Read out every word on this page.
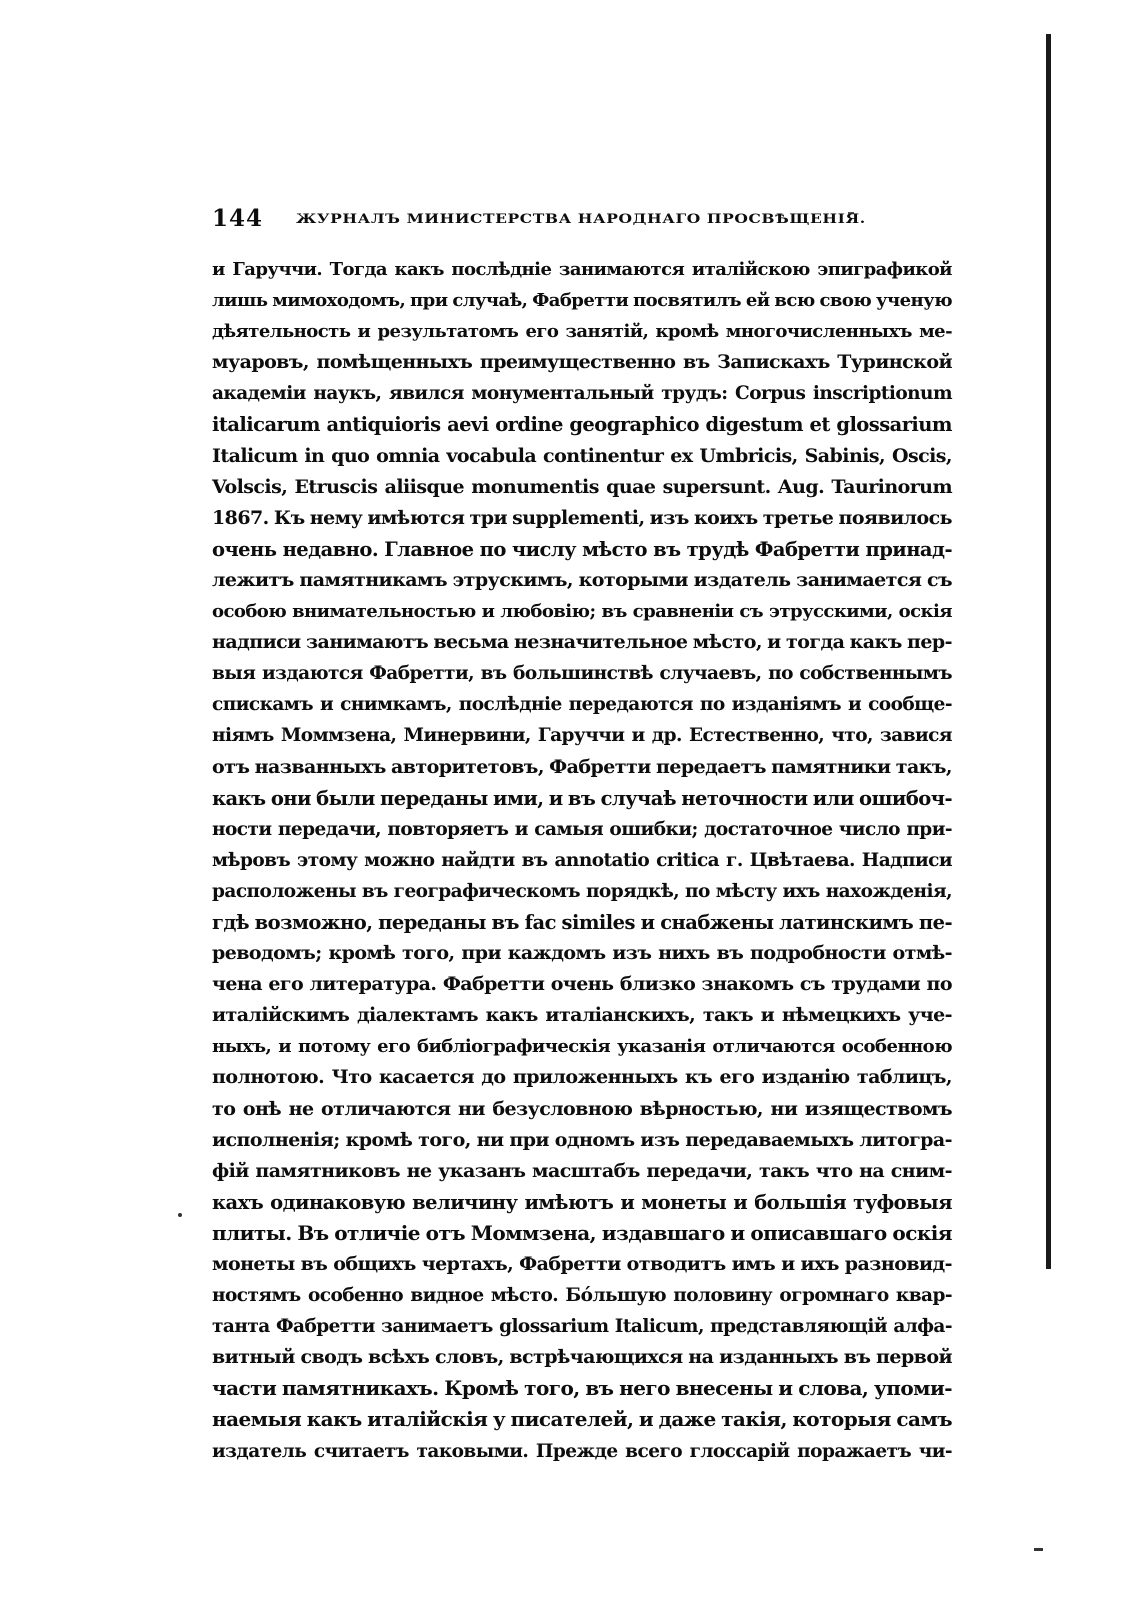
144 ЖУРНАЛЪ МИНИСТЕРСТВА НАРОДНАГО ПРОСВѢЩЕНІЯ.
и Гаруччи. Тогда какъ послѣдніе занимаются италійскою эпиграфикой
лишь мимоходомъ, при случаѣ, Фабретти посвятилъ ей всю свою ученую
дѣятельность и результатомъ его занятій, кромѣ многочисленныхъ ме-
муаровъ, помѣщенныхъ преимущественно въ Запискахъ Туринской
академіи наукъ, явился монументальный трудъ: Corpus inscriptionum
italicarum antiquioris aevi ordine geographico digestum et glossarium
Italicum in quo omnia vocabula continentur ex Umbricis, Sabinis, Oscis,
Volscis, Etruscis aliisque monumentis quae supersunt. Aug. Taurinorum
1867. Къ нему имѣются три supplementi, изъ коихъ третье появилось
очень недавно. Главное по числу мѣсто въ трудѣ Фабретти принад-
лежитъ памятникамъ этрускимъ, которыми издатель занимается съ
особою внимательностью и любовію; въ сравненіи съ этрусскими, оскія
надписи занимаютъ весьма незначительное мѣсто, и тогда какъ пер-
выя издаются Фабретти, въ большинствѣ случаевъ, по собственнымъ
спискамъ и снимкамъ, послѣдніе передаются по изданіямъ и сообще-
ніямъ Моммзена, Минервини, Гаруччи и др. Естественно, что, завися
отъ названныхъ авторитетовъ, Фабретти передаетъ памятники такъ,
какъ они были переданы ими, и въ случаѣ неточности или ошибоч-
ности передачи, повторяетъ и самыя ошибки; достаточное число при-
мѣровъ этому можно найдти въ annotatio critica г. Цвѣтаева. Надписи
расположены въ географическомъ порядкѣ, по мѣсту ихъ нахожденія,
гдѣ возможно, переданы въ fac similes и снабжены латинскимъ пе-
реводомъ; кромѣ того, при каждомъ изъ нихъ въ подробности отмѣ-
чена его литература. Фабретти очень близко знакомъ съ трудами по
италійскимъ діалектамъ какъ италіанскихъ, такъ и нѣмецкихъ уче-
ныхъ, и потому его библіографическія указанія отличаются особенною
полнотою. Что касается до приложенныхъ къ его изданію таблицъ,
то онѣ не отличаются ни безусловною вѣрностью, ни изяществомъ
исполненія; кромѣ того, ни при одномъ изъ передаваемыхъ литогра-
фій памятниковъ не указанъ масштабъ передачи, такъ что на сним-
кахъ одинаковую величину имѣютъ и монеты и большія туфовыя
плиты. Въ отличіе отъ Моммзена, издавшаго и описавшаго оскія
монеты въ общихъ чертахъ, Фабретти отводитъ имъ и ихъ разновид-
ностямъ особенно видное мѣсто. Бóльшую половину огромнаго квар-
танта Фабретти занимаетъ glossarium Italicum, представляющій алфа-
витный сводъ всѣхъ словъ, встрѣчающихся на изданныхъ въ первой
части памятникахъ. Кромѣ того, въ него внесены и слова, упоми-
наемыя какъ италійскія у писателей, и даже такія, которыя самъ
издатель считаетъ таковыми. Прежде всего глоссарій поражаетъ чи-
